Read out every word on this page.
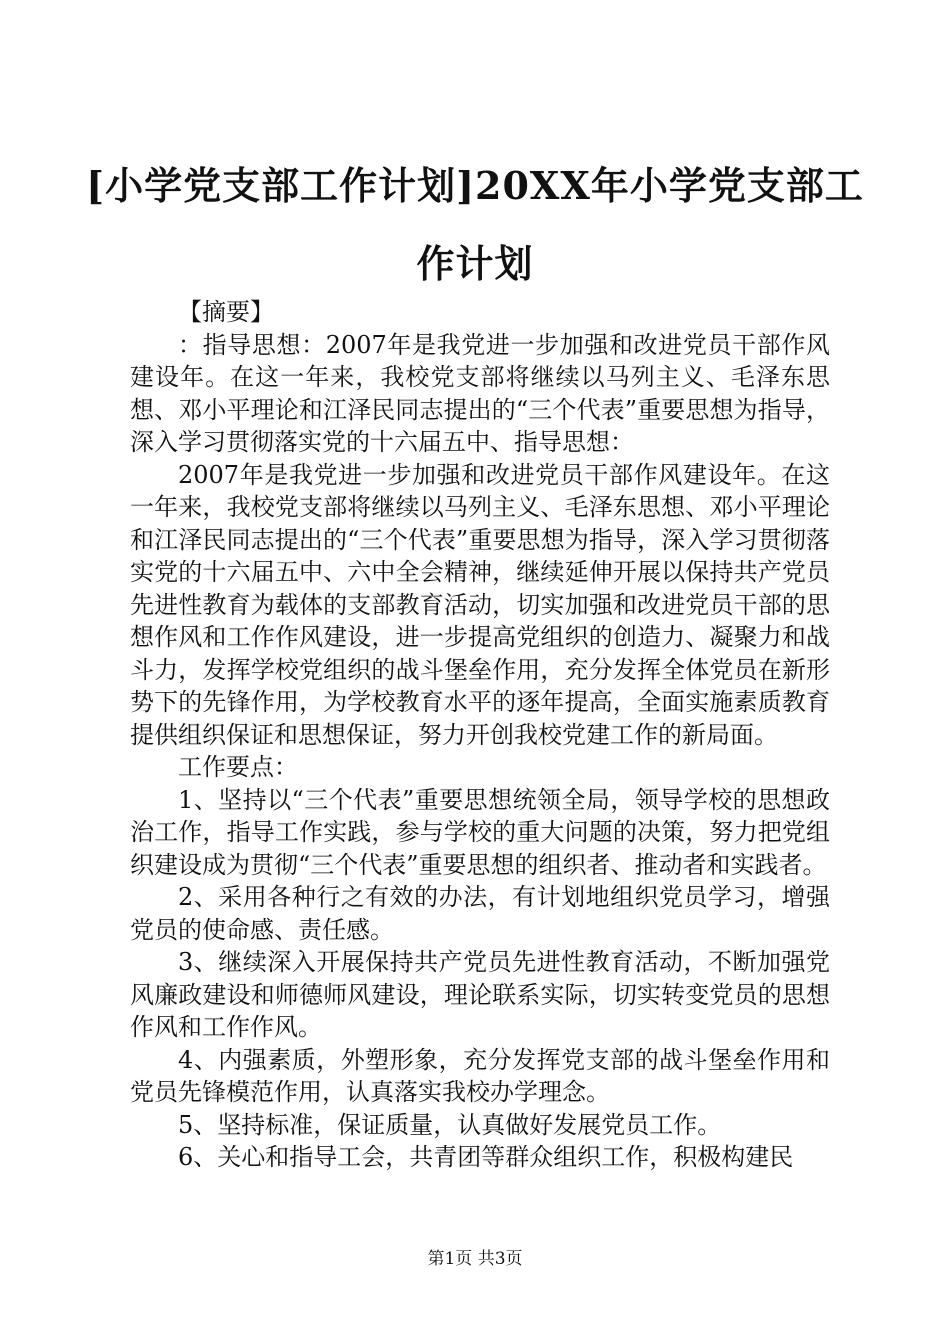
[小学党支部工作计划]20XX年小学党支部工
作计划

【摘要】

：指导思想：2007年是我党进一步加强和改进党员干部作风建设年。在这一年来，我校党支部将继续以马列主义、毛泽东思想、邓小平理论和江泽民同志提出的“三个代表”重要思想为指导，深入学习贯彻落实党的十六届五中、指导思想：

2007年是我党进一步加强和改进党员干部作风建设年。在这一年来，我校党支部将继续以马列主义、毛泽东思想、邓小平理论和江泽民同志提出的“三个代表”重要思想为指导，深入学习贯彻落实党的十六届五中、六中全会精神，继续延伸开展以保持共产党员先进性教育为载体的支部教育活动，切实加强和改进党员干部的思想作风和工作作风建设，进一步提高党组织的创造力、凝聚力和战斗力，发挥学校党组织的战斗堡垒作用，充分发挥全体党员在新形势下的先锋作用，为学校教育水平的逐年提高，全面实施素质教育提供组织保证和思想保证，努力开创我校党建工作的新局面。

工作要点：

1、坚持以“三个代表”重要思想统领全局，领导学校的思想政治工作，指导工作实践，参与学校的重大问题的决策，努力把党组织建设成为贯彻“三个代表”重要思想的组织者、推动者和实践者。

2、采用各种行之有效的办法，有计划地组织党员学习，增强党员的使命感、责任感。

3、继续深入开展保持共产党员先进性教育活动，不断加强党风廉政建设和师德师风建设，理论联系实际，切实转变党员的思想作风和工作作风。

4、内强素质，外塑形象，充分发挥党支部的战斗堡垒作用和党员先锋模范作用，认真落实我校办学理念。

5、坚持标准，保证质量，认真做好发展党员工作。

6、关心和指导工会，共青团等群众组织工作，积极构建民

第1页 共3页
